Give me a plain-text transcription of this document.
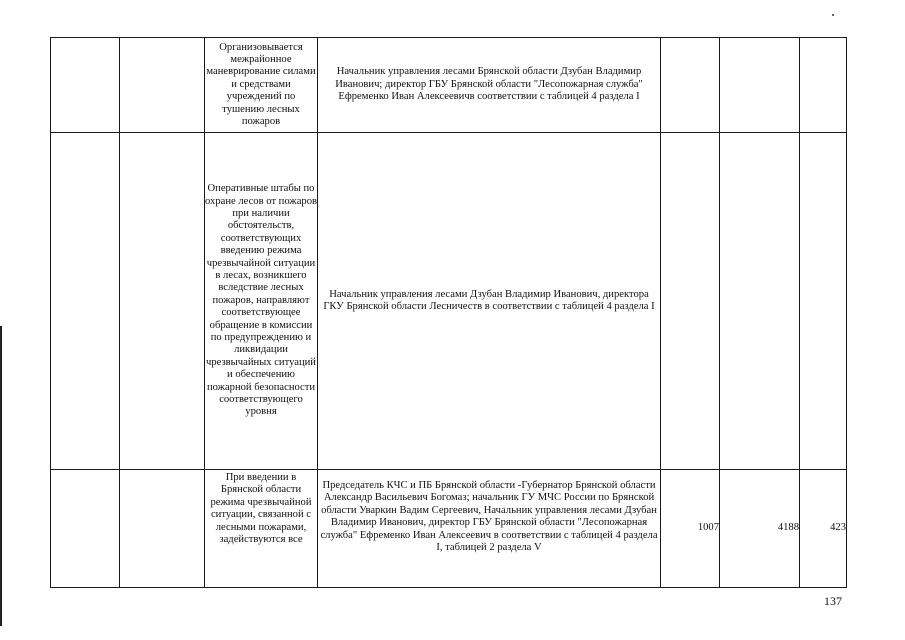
		Организовывается межрайонное маневрирование силами и средствами учреждений по тушению лесных пожаров	Начальник управления лесами Брянской области Дзубан Владимир Иванович; директор ГБУ Брянской области "Лесопожарная служба" Ефременко Иван Алексеевичв соответствии с таблицей 4 раздела I			
		Оперативные штабы по охране лесов от пожаров при наличии обстоятельств, соответствующих введению режима чрезвычайной ситуации в лесах, возникшего вследствие лесных пожаров, направляют соответствующее обращение в комиссии по предупреждению и ликвидации чрезвычайных ситуаций и обеспечению пожарной безопасности соответствующего уровня	Начальник управления лесами Дзубан Владимир Иванович, директора ГКУ Брянской области Лесничеств в соответствии с таблицей 4 раздела I			
		При введении в Брянской области режима чрезвычайной ситуации, связанной с лесными пожарами, задействуются все	Председатель КЧС и ПБ Брянской области -Губернатор Брянской области Александр Васильевич Богомаз; начальник ГУ МЧС России по Брянской области Уваркин Вадим Сергеевич, Начальник управления лесами Дзубан Владимир Иванович, директор ГБУ Брянской области "Лесопожарная служба" Ефременко Иван Алексеевич в соответствии с таблицей 4 раздела I, таблицей 2 раздела V	1007	4188	423
137
